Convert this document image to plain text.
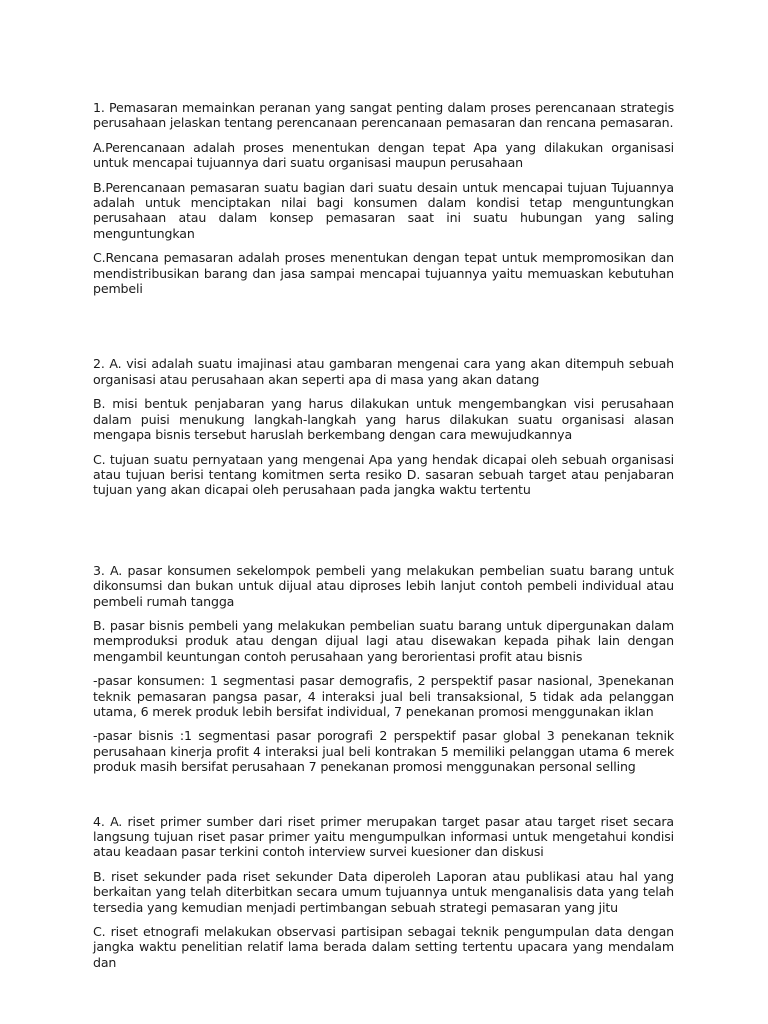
1. Pemasaran memainkan peranan yang sangat penting dalam proses perencanaan strategis perusahaan jelaskan tentang perencanaan perencanaan pemasaran dan rencana pemasaran.

A.Perencanaan adalah proses menentukan dengan tepat Apa yang dilakukan organisasi untuk mencapai tujuannya dari suatu organisasi maupun perusahaan

B.Perencanaan pemasaran suatu bagian dari suatu desain untuk mencapai tujuan Tujuannya adalah untuk menciptakan nilai bagi konsumen dalam kondisi tetap menguntungkan perusahaan atau dalam konsep pemasaran saat ini suatu hubungan yang saling menguntungkan

C.Rencana pemasaran adalah proses menentukan dengan tepat untuk mempromosikan dan mendistribusikan barang dan jasa sampai mencapai tujuannya yaitu memuaskan kebutuhan pembeli

2. A. visi adalah suatu imajinasi atau gambaran mengenai cara yang akan ditempuh sebuah organisasi atau perusahaan akan seperti apa di masa yang akan datang

B. misi bentuk penjabaran yang harus dilakukan untuk mengembangkan visi perusahaan dalam puisi menukung langkah-langkah yang harus dilakukan suatu organisasi alasan mengapa bisnis tersebut haruslah berkembang dengan cara mewujudkannya

C. tujuan suatu pernyataan yang mengenai Apa yang hendak dicapai oleh sebuah organisasi atau tujuan berisi tentang komitmen serta resiko D. sasaran sebuah target atau penjabaran tujuan yang akan dicapai oleh perusahaan pada jangka waktu tertentu

3. A. pasar konsumen sekelompok pembeli yang melakukan pembelian suatu barang untuk dikonsumsi dan bukan untuk dijual atau diproses lebih lanjut contoh pembeli individual atau pembeli rumah tangga

B. pasar bisnis pembeli yang melakukan pembelian suatu barang untuk dipergunakan dalam memproduksi produk atau dengan dijual lagi atau disewakan kepada pihak lain dengan mengambil keuntungan contoh perusahaan yang berorientasi profit atau bisnis

-pasar konsumen: 1 segmentasi pasar demografis, 2 perspektif pasar nasional, 3penekanan teknik pemasaran pangsa pasar, 4 interaksi jual beli transaksional, 5 tidak ada pelanggan utama, 6 merek produk lebih bersifat individual, 7 penekanan promosi menggunakan iklan

-pasar bisnis :1 segmentasi pasar porografi 2 perspektif pasar global 3 penekanan teknik perusahaan kinerja profit 4 interaksi jual beli kontrakan 5 memiliki pelanggan utama 6 merek produk masih bersifat perusahaan 7 penekanan promosi menggunakan personal selling

4. A. riset primer sumber dari riset primer merupakan target pasar atau target riset secara langsung tujuan riset pasar primer yaitu mengumpulkan informasi untuk mengetahui kondisi atau keadaan pasar terkini contoh interview survei kuesioner dan diskusi

B. riset sekunder pada riset sekunder Data diperoleh Laporan atau publikasi atau hal yang berkaitan yang telah diterbitkan secara umum tujuannya untuk menganalisis data yang telah tersedia yang kemudian menjadi pertimbangan sebuah strategi pemasaran yang jitu

C. riset etnografi melakukan observasi partisipan sebagai teknik pengumpulan data dengan jangka waktu penelitian relatif lama berada dalam setting tertentu upacara yang mendalam dan
